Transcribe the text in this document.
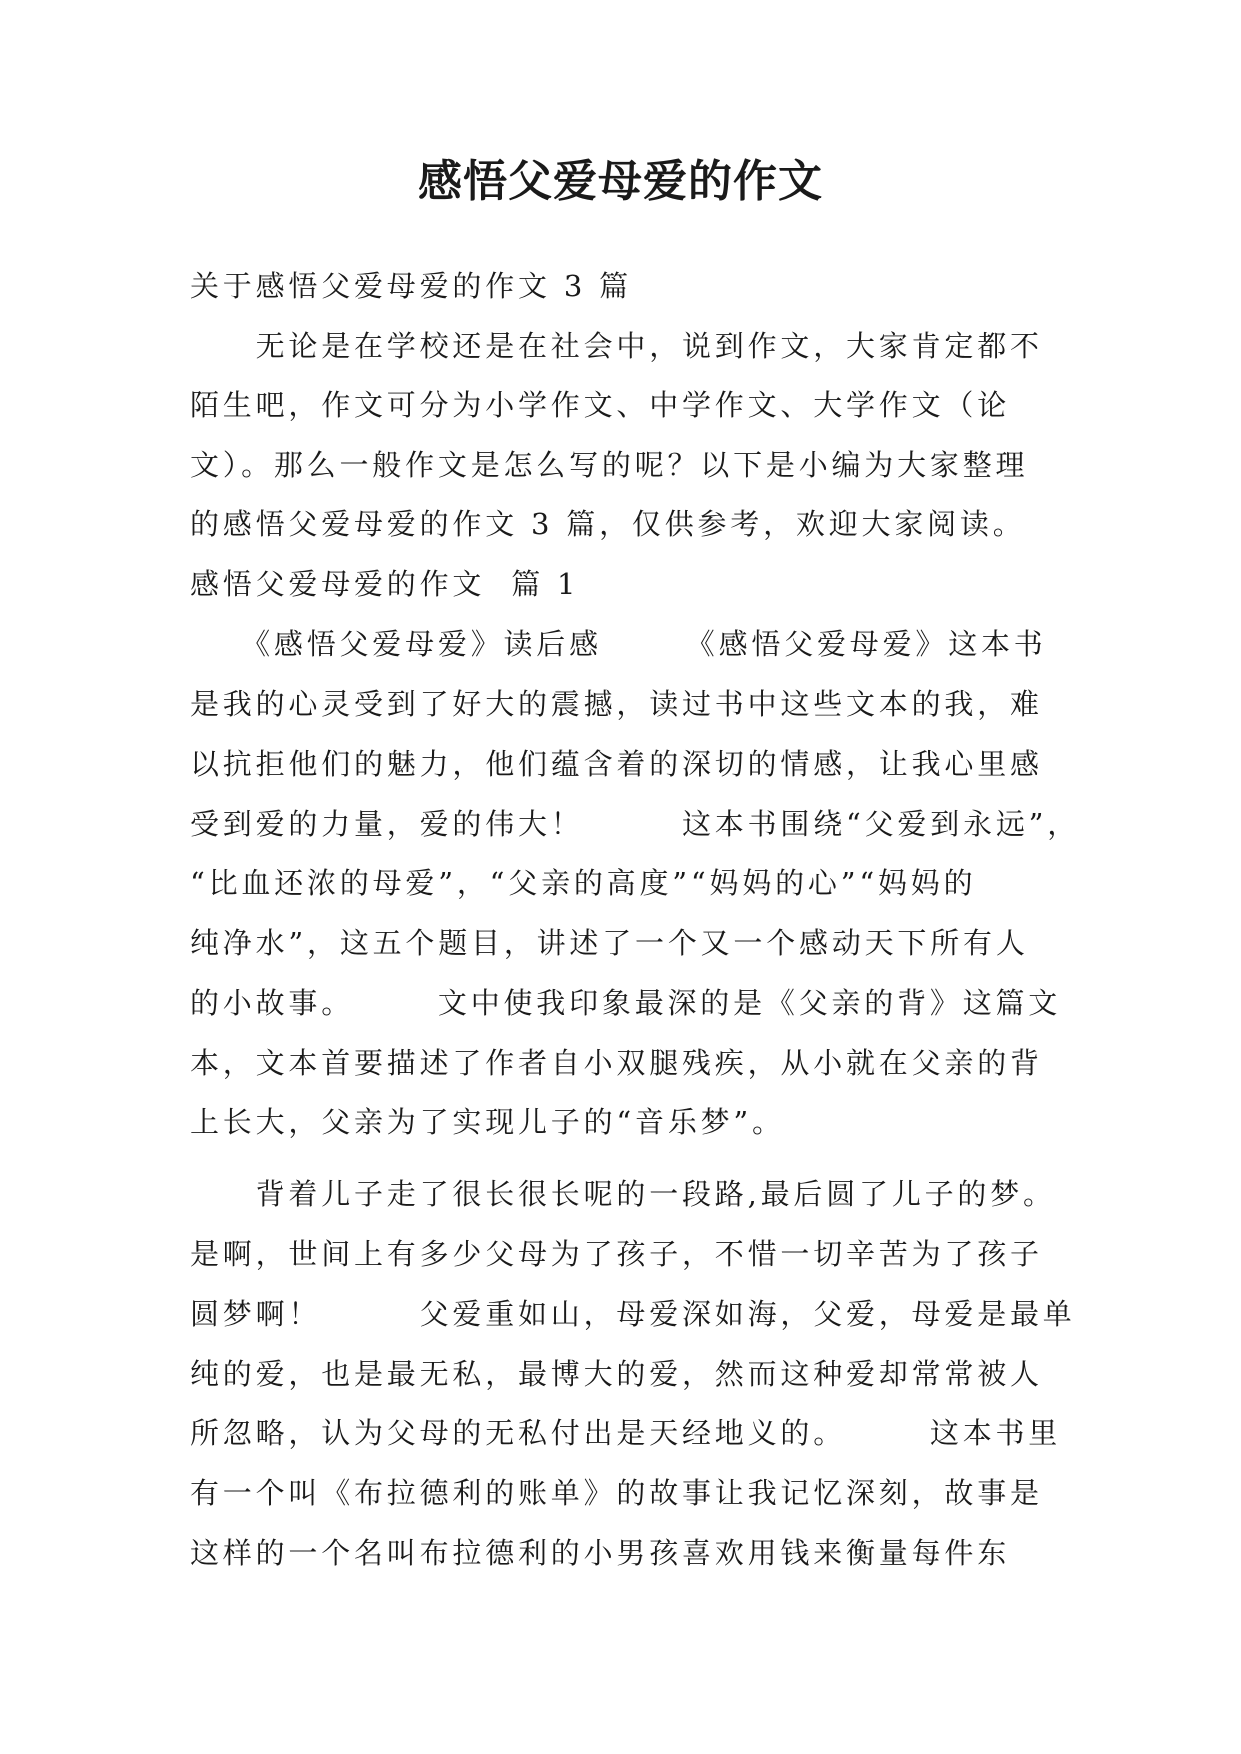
感悟父爱母爱的作文
关于感悟父爱母爱的作文 3 篇
　　无论是在学校还是在社会中，说到作文，大家肯定都不
陌生吧，作文可分为小学作文、中学作文、大学作文（论
文）。那么一般作文是怎么写的呢？以下是小编为大家整理
的感悟父爱母爱的作文 3 篇，仅供参考，欢迎大家阅读。
感悟父爱母爱的作文  篇 1
　　《感悟父爱母爱》读后感　　　《感悟父爱母爱》这本书
是我的心灵受到了好大的震撼，读过书中这些文本的我，难
以抗拒他们的魅力，他们蕴含着的深切的情感，让我心里感
受到爱的力量，爱的伟大！　　　这本书围绕“父爱到永远”，
“比血还浓的母爱”，“父亲的高度”“妈妈的心”“妈妈的
纯净水”，这五个题目，讲述了一个又一个感动天下所有人
的小故事。　　　文中使我印象最深的是《父亲的背》这篇文
本，文本首要描述了作者自小双腿残疾，从小就在父亲的背
上长大，父亲为了实现儿子的“音乐梦”。
　　背着儿子走了很长很长呢的一段路,最后圆了儿子的梦。
是啊，世间上有多少父母为了孩子，不惜一切辛苦为了孩子
圆梦啊！　　　父爱重如山，母爱深如海，父爱，母爱是最单
纯的爱，也是最无私，最博大的爱，然而这种爱却常常被人
所忽略，认为父母的无私付出是天经地义的。　　　这本书里
有一个叫《布拉德利的账单》的故事让我记忆深刻，故事是
这样的一个名叫布拉德利的小男孩喜欢用钱来衡量每件东
